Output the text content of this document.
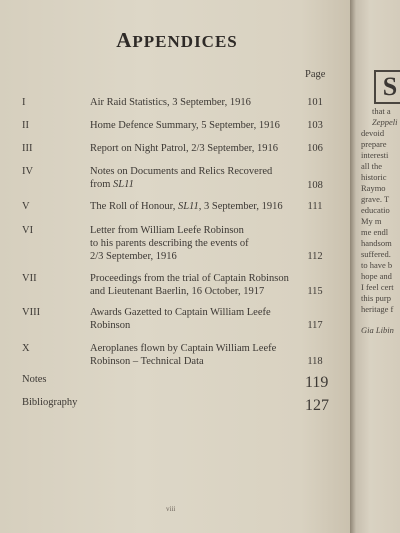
APPENDICES
Page
I	Air Raid Statistics, 3 September, 1916	101
II	Home Defence Summary, 5 September, 1916	103
III	Report on Night Patrol, 2/3 September, 1916	106
IV	Notes on Documents and Relics Recovered
from SL11	108
V	The Roll of Honour, SL11, 3 September, 1916	111
VI	Letter from William Leefe Robinson
to his parents describing the events of
2/3 September, 1916	112
VII	Proceedings from the trial of Captain Robinson
and Lieutenant Baerlin, 16 October, 1917	115
VIII	Awards Gazetted to Captain William Leefe
Robinson	117
X	Aeroplanes flown by Captain William Leefe
Robinson – Technical Data	118
Notes	119
Bibliography	127
viii
S
that a
Zeppeli
devoid
prepare
interesti
all the
historic
Raymo
grave. T
educatio
My m
me endl
handsom
suffered.
to have b
hope and
I feel cert
this purp
heritage f
Gia Libin
